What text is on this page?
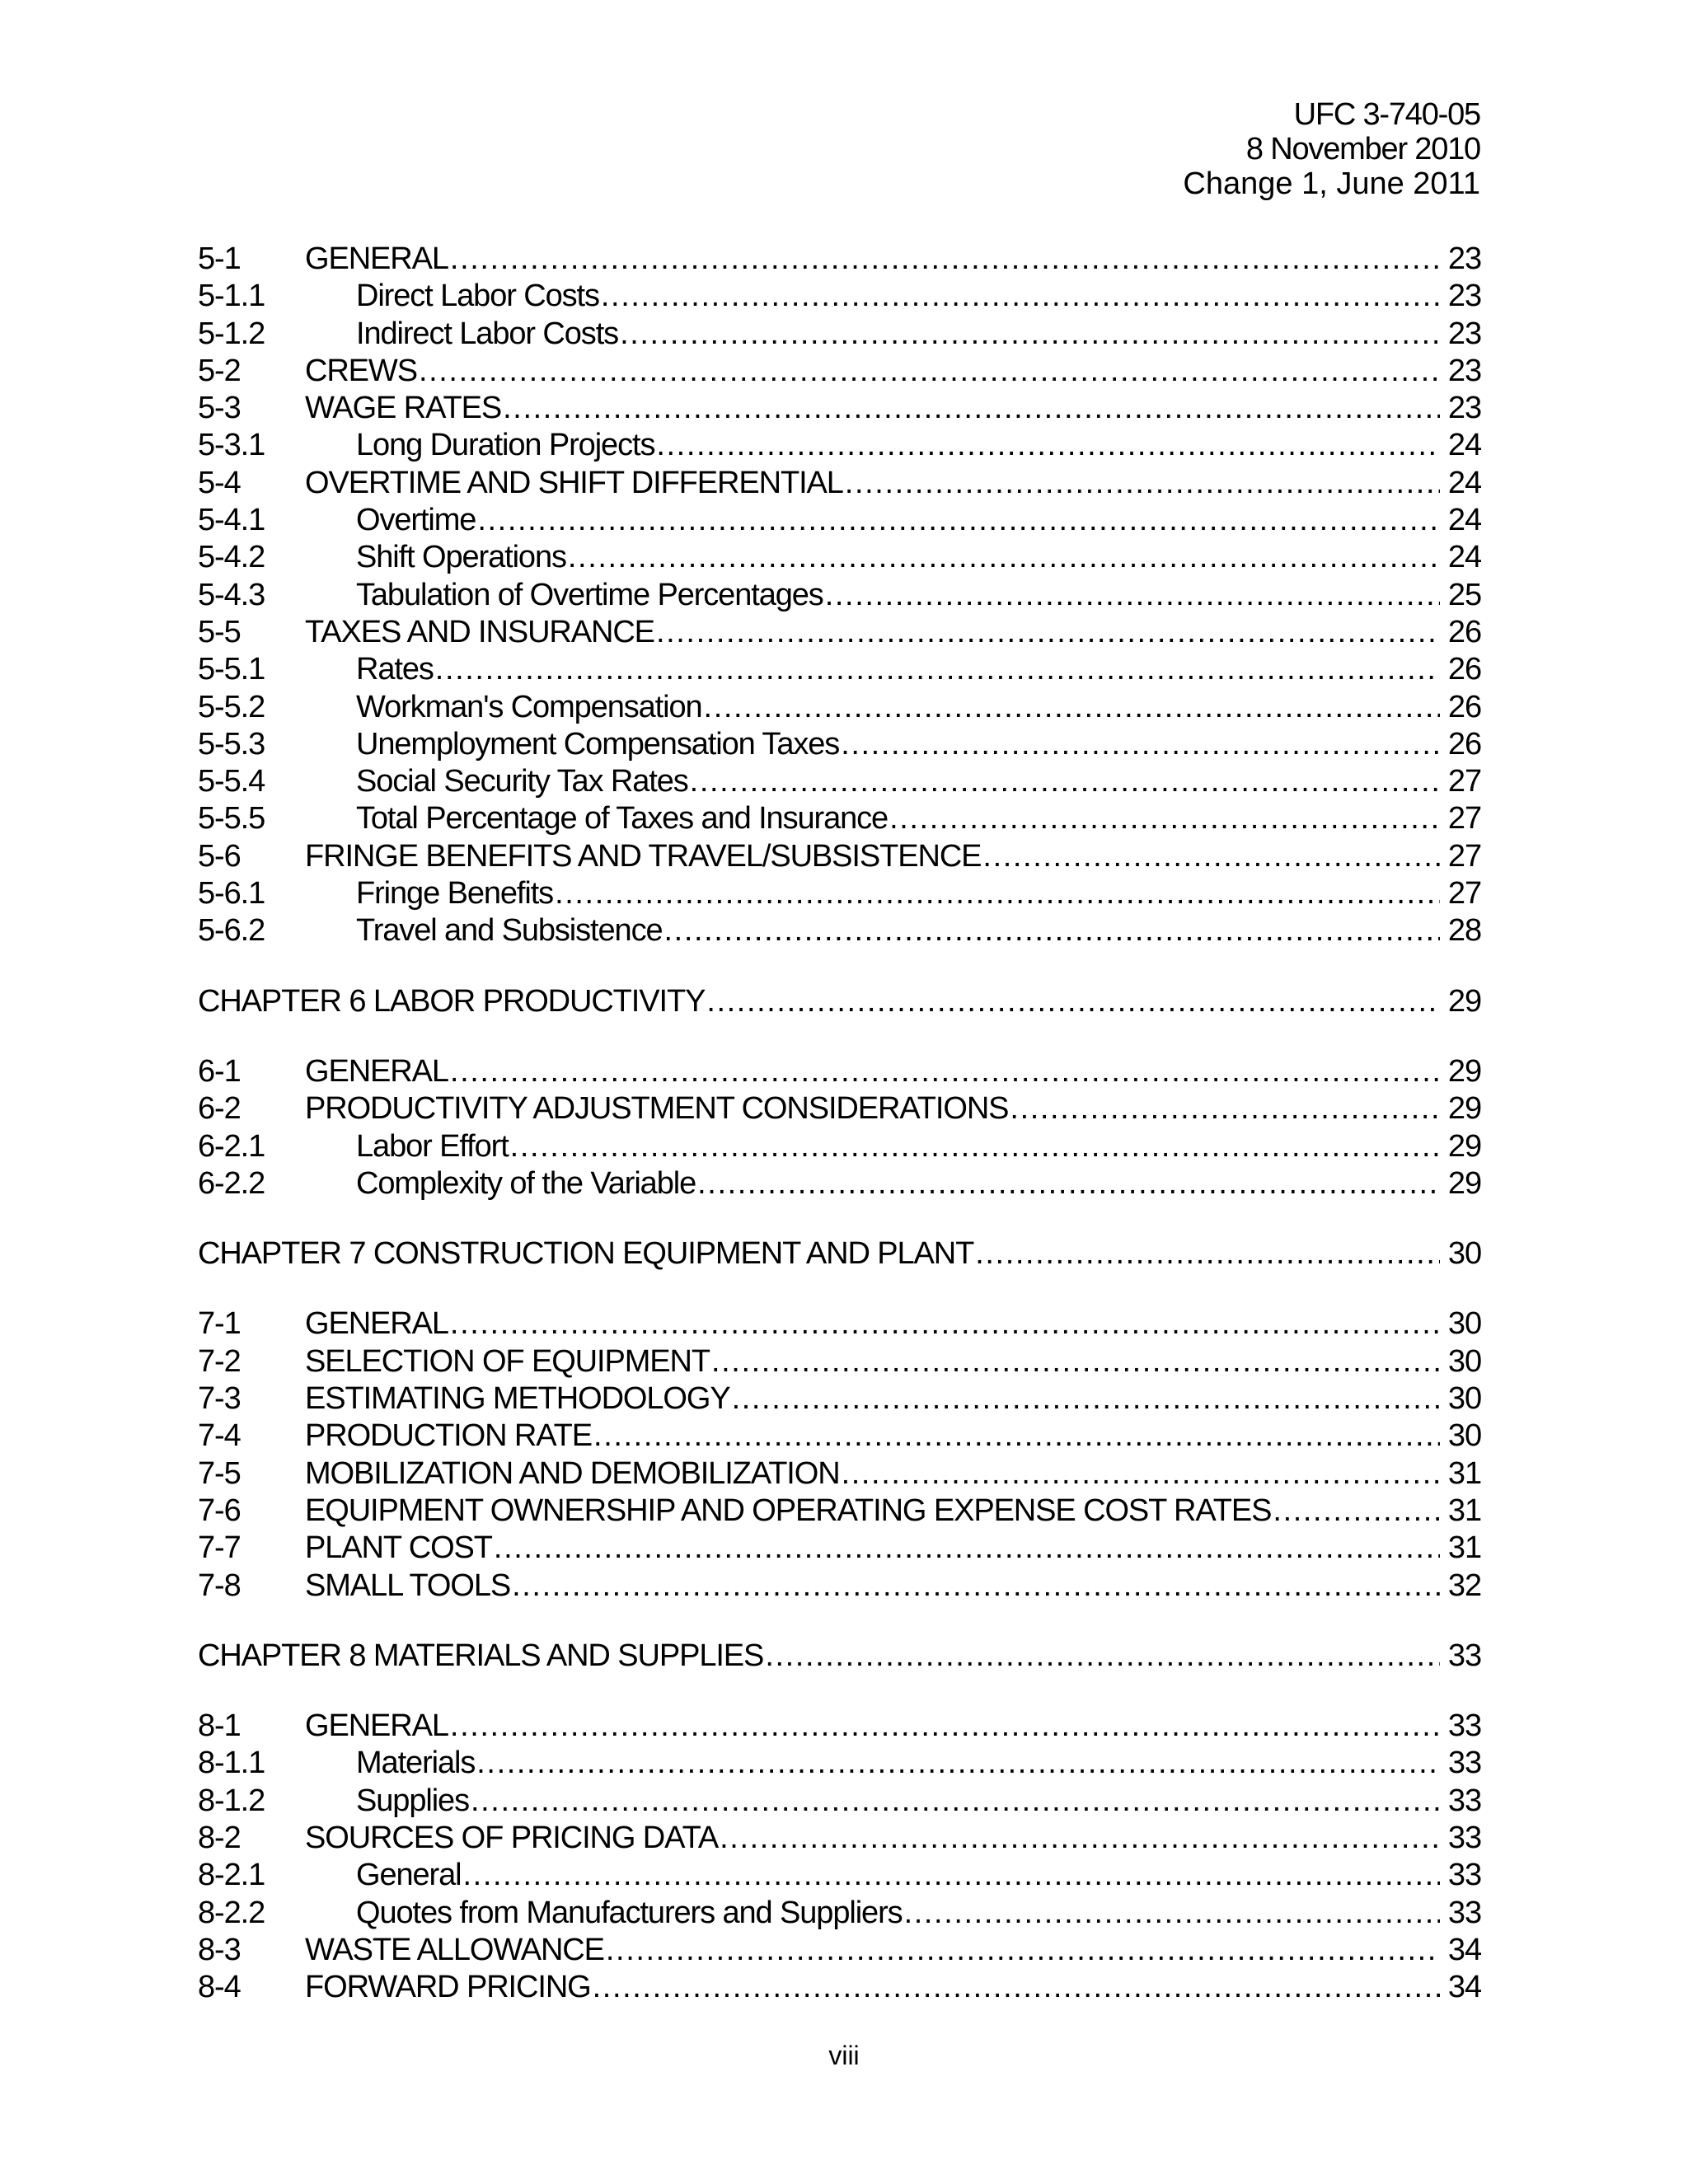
UFC 3-740-05
8 November 2010
Change 1, June 2011
5-1	GENERAL .....	23
5-1.1	Direct Labor Costs .....	23
5-1.2	Indirect Labor Costs .....	23
5-2	CREWS .....	23
5-3	WAGE RATES .....	23
5-3.1	Long Duration Projects .....	24
5-4	OVERTIME AND SHIFT DIFFERENTIAL .....	24
5-4.1	Overtime .....	24
5-4.2	Shift Operations .....	24
5-4.3	Tabulation of Overtime Percentages .....	25
5-5	TAXES AND INSURANCE .....	26
5-5.1	Rates .....	26
5-5.2	Workman's Compensation .....	26
5-5.3	Unemployment Compensation Taxes .....	26
5-5.4	Social Security Tax Rates .....	27
5-5.5	Total Percentage of Taxes and Insurance .....	27
5-6	FRINGE BENEFITS AND TRAVEL/SUBSISTENCE .....	27
5-6.1	Fringe Benefits .....	27
5-6.2	Travel and Subsistence .....	28
CHAPTER 6 LABOR PRODUCTIVITY .....	29
6-1	GENERAL .....	29
6-2	PRODUCTIVITY ADJUSTMENT CONSIDERATIONS .....	29
6-2.1	Labor Effort .....	29
6-2.2	Complexity of the Variable .....	29
CHAPTER 7 CONSTRUCTION EQUIPMENT AND PLANT .....	30
7-1	GENERAL .....	30
7-2	SELECTION OF EQUIPMENT .....	30
7-3	ESTIMATING METHODOLOGY .....	30
7-4	PRODUCTION RATE .....	30
7-5	MOBILIZATION AND DEMOBILIZATION .....	31
7-6	EQUIPMENT OWNERSHIP AND OPERATING EXPENSE COST RATES .....	31
7-7	PLANT COST .....	31
7-8	SMALL TOOLS .....	32
CHAPTER 8 MATERIALS AND SUPPLIES .....	33
8-1	GENERAL .....	33
8-1.1	Materials .....	33
8-1.2	Supplies .....	33
8-2	SOURCES OF PRICING DATA .....	33
8-2.1	General .....	33
8-2.2	Quotes from Manufacturers and Suppliers .....	33
8-3	WASTE ALLOWANCE .....	34
8-4	FORWARD PRICING .....	34
viii
